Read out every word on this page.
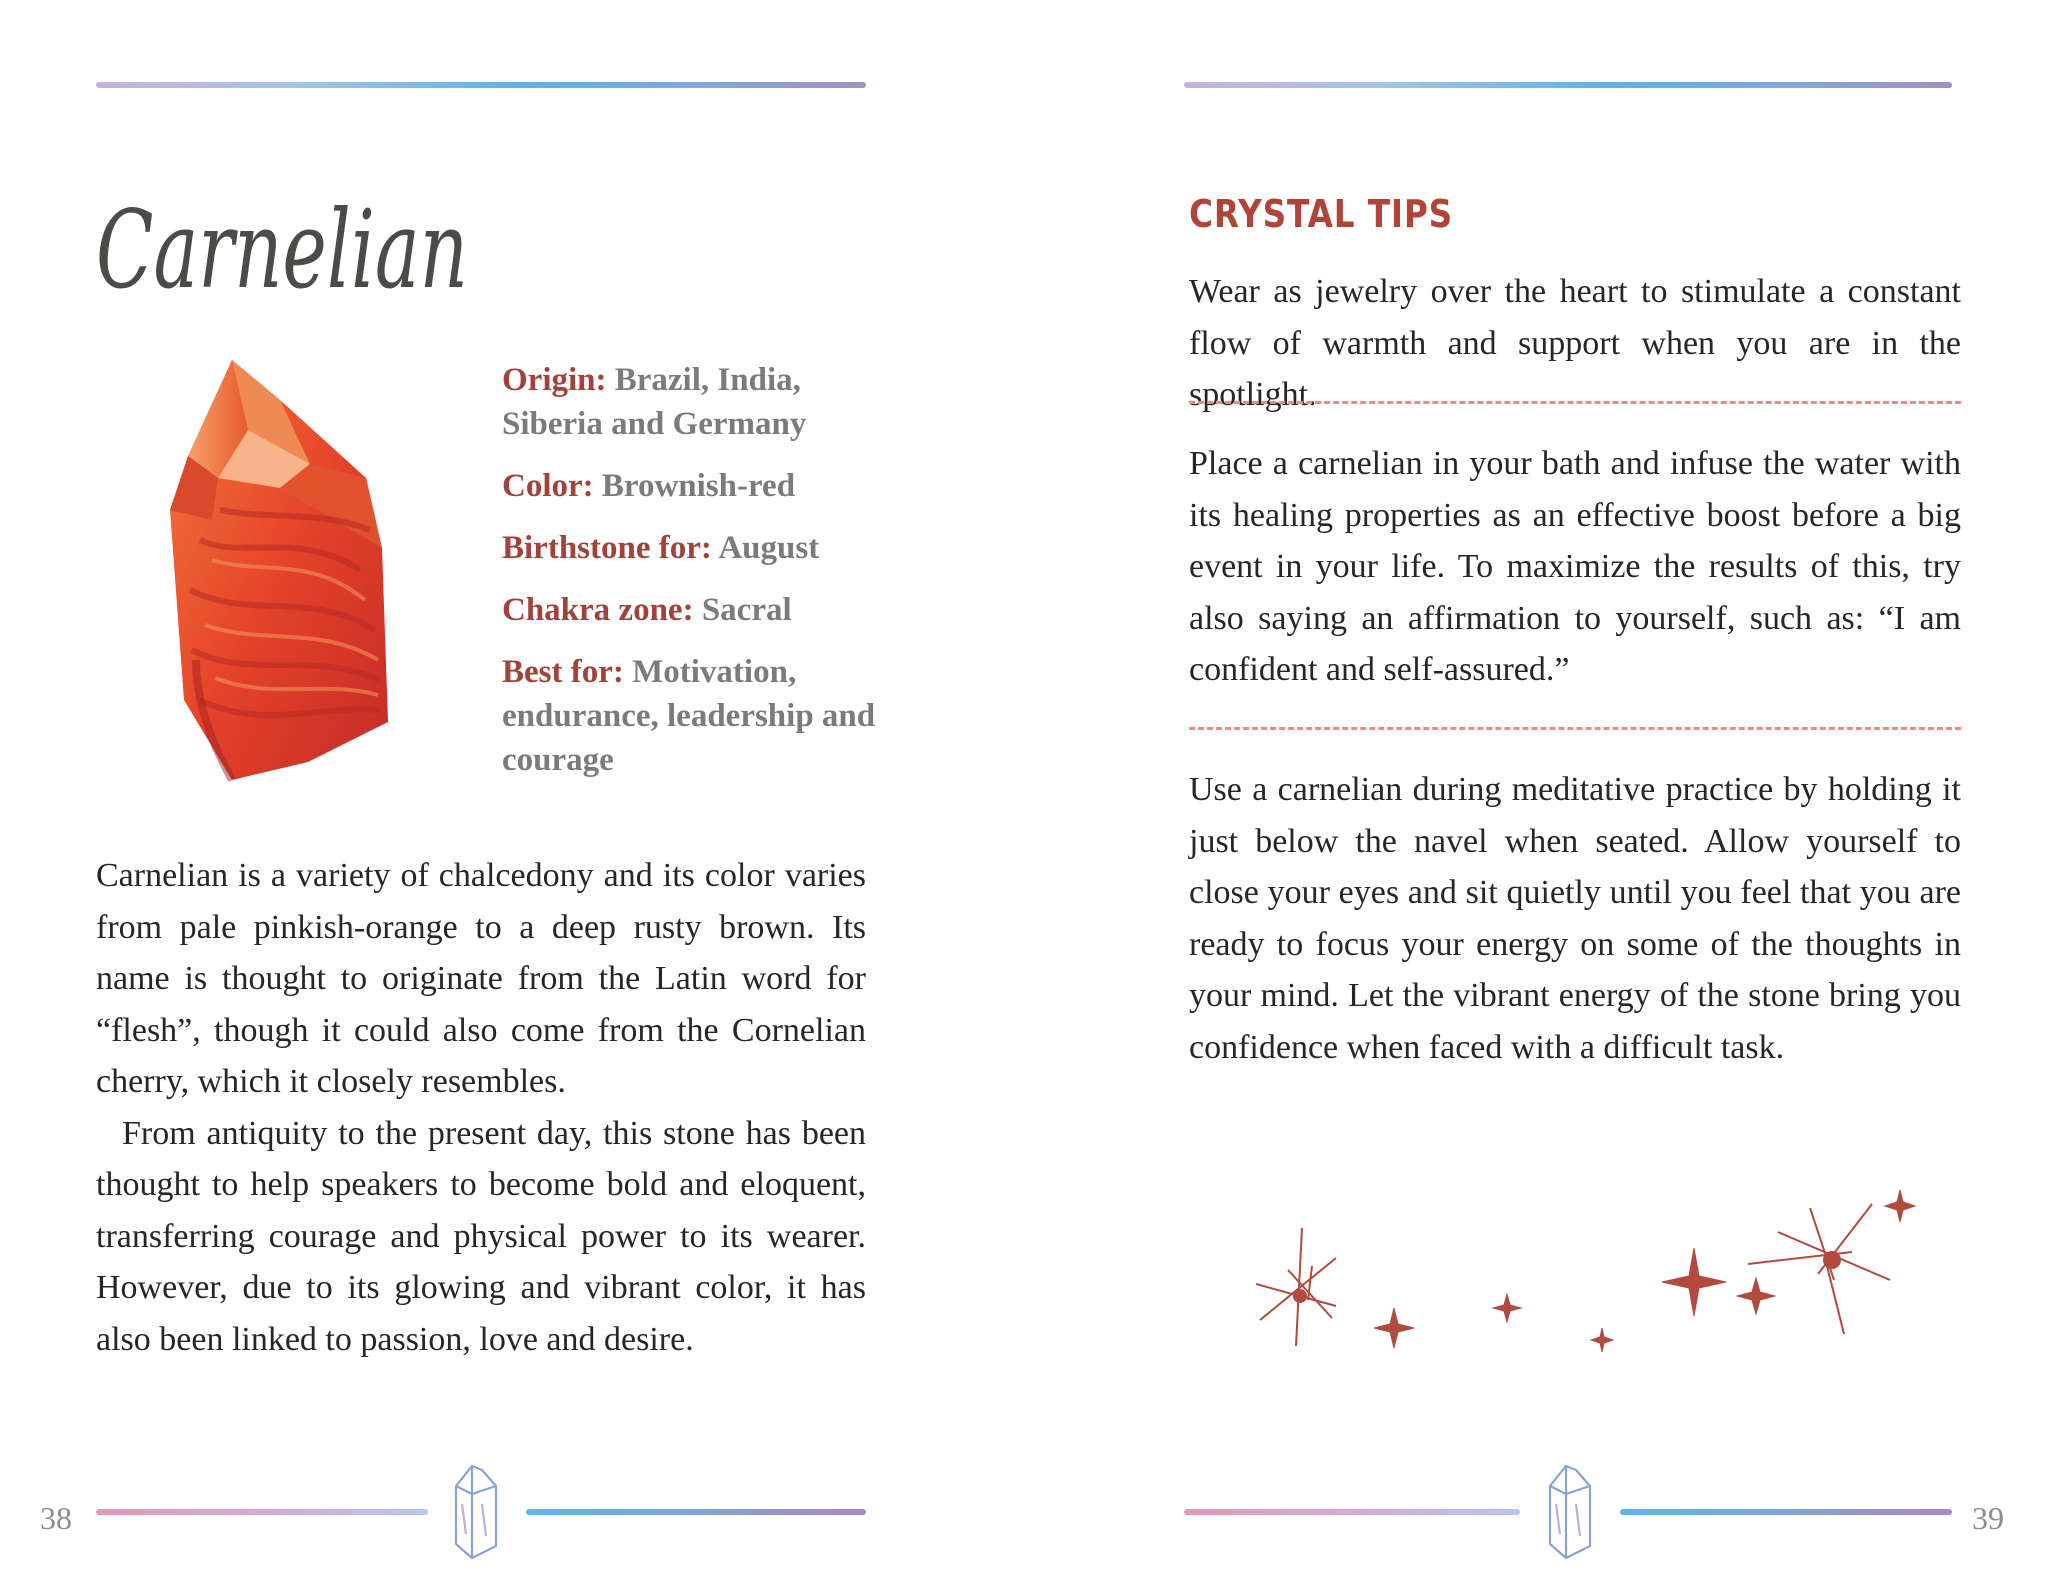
Carnelian
Origin: Brazil, India, Siberia and Germany
Color: Brownish-red
Birthstone for: August
Chakra zone: Sacral
Best for: Motivation, endurance, leadership and courage

Carnelian is a variety of chalcedony and its color varies from pale pinkish-orange to a deep rusty brown. Its name is thought to originate from the Latin word for “flesh”, though it could also come from the Cornelian cherry, which it closely resembles.

From antiquity to the present day, this stone has been thought to help speakers to become bold and eloquent, transferring courage and physical power to its wearer. However, due to its glowing and vibrant color, it has also been linked to passion, love and desire.

38
CRYSTAL TIPS

Wear as jewelry over the heart to stimulate a constant flow of warmth and support when you are in the spotlight.

Place a carnelian in your bath and infuse the water with its healing properties as an effective boost before a big event in your life. To maximize the results of this, try also saying an affirmation to yourself, such as: “I am confident and self-assured.”

Use a carnelian during meditative practice by holding it just below the navel when seated. Allow yourself to close your eyes and sit quietly until you feel that you are ready to focus your energy on some of the thoughts in your mind. Let the vibrant energy of the stone bring you confidence when faced with a difficult task.

39
